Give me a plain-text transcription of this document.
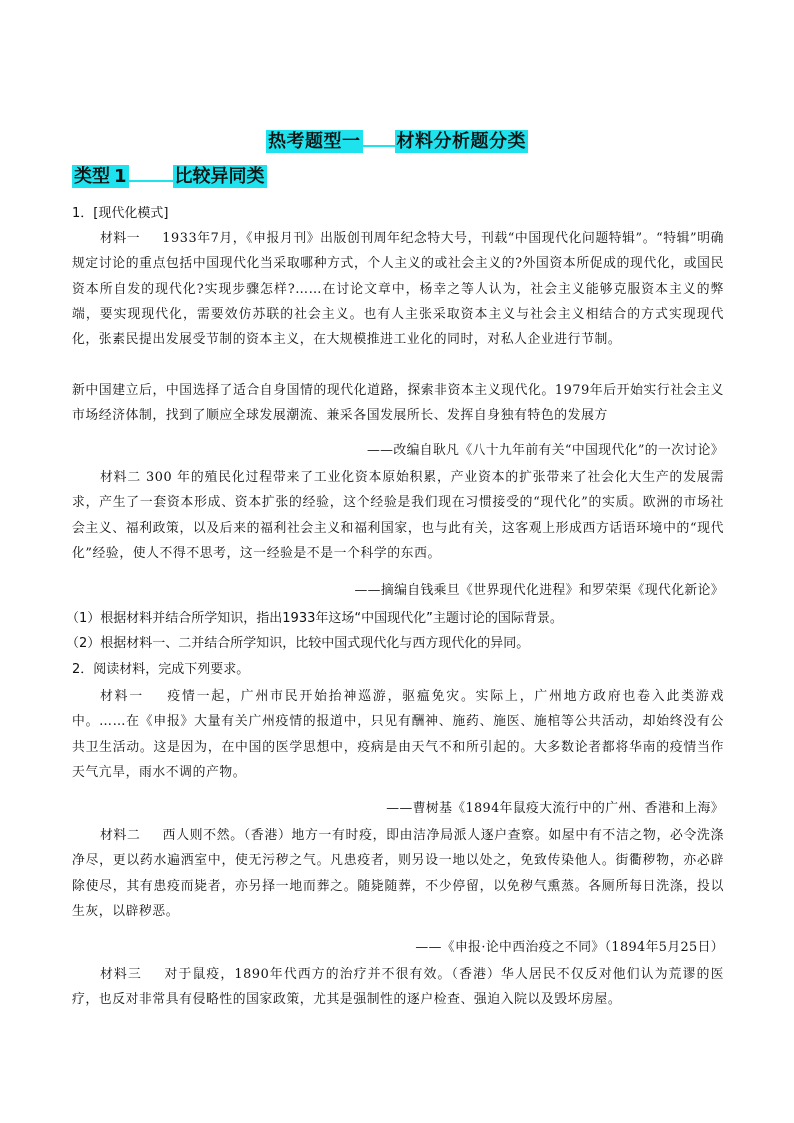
热考题型一 材料分析题分类
类型 1	比较异同类
1．[现代化模式]
材料一 1933年7月，《申报月刊》出版创刊周年纪念特大号，刊载“中国现代化问题特辑”。“特辑”明确规定讨论的重点包括中国现代化当采取哪种方式，个人主义的或社会主义的?外国资本所促成的现代化，或国民资本所自发的现代化?实现步骤怎样?……在讨论文章中，杨幸之等人认为，社会主义能够克服资本主义的弊端，要实现现代化，需要效仿苏联的社会主义。也有人主张采取资本主义与社会主义相结合的方式实现现代化，张素民提出发展受节制的资本主义，在大规模推进工业化的同时，对私人企业进行节制。
新中国建立后，中国选择了适合自身国情的现代化道路，探索非资本主义现代化。1979年后开始实行社会主义市场经济体制，找到了顺应全球发展潮流、兼采各国发展所长、发挥自身独有特色的发展方
——改编自耿凡《八十九年前有关“中国现代化”的一次讨论》
材料二 300 年的殖民化过程带来了工业化资本原始积累，产业资本的扩张带来了社会化大生产的发展需求，产生了一套资本形成、资本扩张的经验，这个经验是我们现在习惯接受的“现代化”的实质。欧洲的市场社会主义、福利政策，以及后来的福利社会主义和福利国家，也与此有关，这客观上形成西方话语环境中的“现代化”经验，使人不得不思考，这一经验是不是一个科学的东西。
——摘编自钱乘旦《世界现代化进程》和罗荣渠《现代化新论》
（1）根据材料并结合所学知识，指出1933年这场“中国现代化”主题讨论的国际背景。
（2）根据材料一、二并结合所学知识，比较中国式现代化与西方现代化的异同。
2．阅读材料，完成下列要求。
材料一 疫情一起，广州市民开始抬神巡游，驱瘟免灾。实际上，广州地方政府也卷入此类游戏中。……在《申报》大量有关广州疫情的报道中，只见有酬神、施药、施医、施棺等公共活动，却始终没有公共卫生活动。这是因为，在中国的医学思想中，疫病是由天气不和所引起的。大多数论者都将华南的疫情当作天气亢旱，雨水不调的产物。
——曹树基《1894年鼠疫大流行中的广州、香港和上海》
材料二 西人则不然。（香港）地方一有时疫，即由洁净局派人逐户查察。如屋中有不洁之物，必令洗涤净尽，更以药水遍洒室中，使无污秽之气。凡患疫者，则另设一地以处之，免致传染他人。街衢秽物，亦必辟除使尽，其有患疫而毙者，亦另择一地而葬之。随毙随葬，不少停留，以免秽气熏蒸。各厕所每日洗涤，投以生灰，以辟秽恶。
——《申报·论中西治疫之不同》（1894年5月25日）
材料三 对于鼠疫，1890年代西方的治疗并不很有效。（香港）华人居民不仅反对他们认为荒谬的医疗，也反对非常具有侵略性的国家政策，尤其是强制性的逐户检查、强迫入院以及毁坏房屋。
